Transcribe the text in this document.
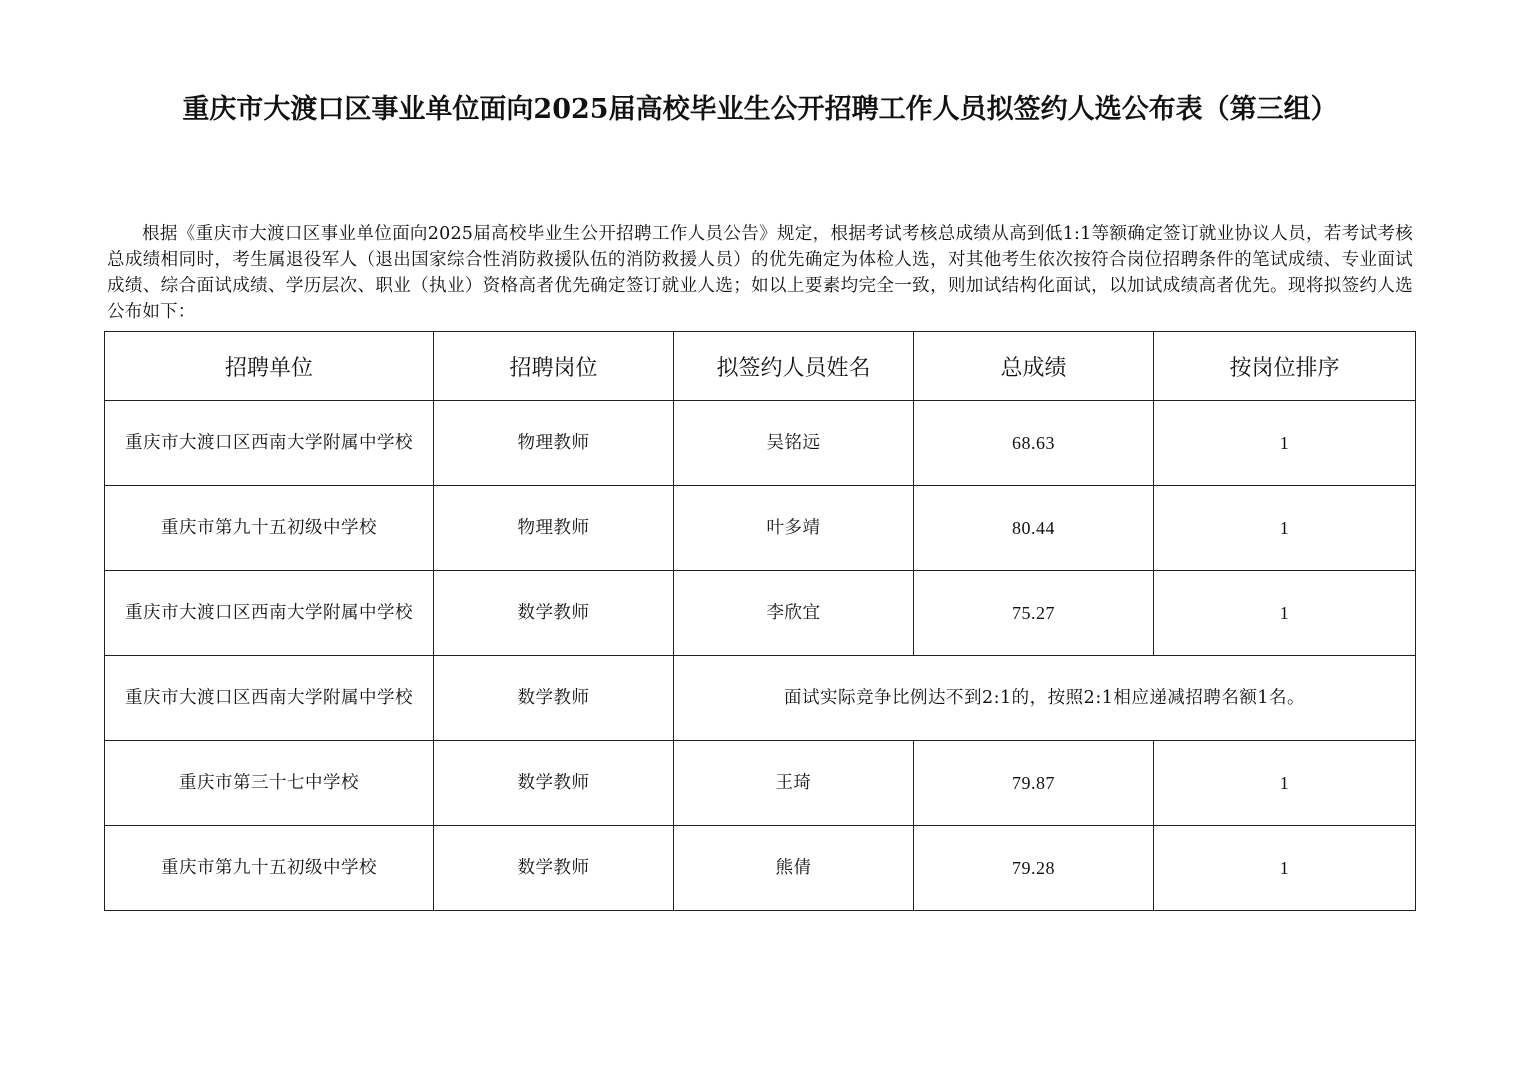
重庆市大渡口区事业单位面向2025届高校毕业生公开招聘工作人员拟签约人选公布表（第三组）

根据《重庆市大渡口区事业单位面向2025届高校毕业生公开招聘工作人员公告》规定，根据考试考核总成绩从高到低1:1等额确定签订就业协议人员，若考试考核总成绩相同时，考生属退役军人（退出国家综合性消防救援队伍的消防救援人员）的优先确定为体检人选，对其他考生依次按符合岗位招聘条件的笔试成绩、专业面试成绩、综合面试成绩、学历层次、职业（执业）资格高者优先确定签订就业人选；如以上要素均完全一致，则加试结构化面试，以加试成绩高者优先。现将拟签约人选公布如下：

招聘单位	招聘岗位	拟签约人员姓名	总成绩	按岗位排序
重庆市大渡口区西南大学附属中学校	物理教师	吴铭远	68.63	1
重庆市第九十五初级中学校	物理教师	叶多靖	80.44	1
重庆市大渡口区西南大学附属中学校	数学教师	李欣宜	75.27	1
重庆市大渡口区西南大学附属中学校	数学教师	面试实际竞争比例达不到2:1的，按照2:1相应递减招聘名额1名。		
重庆市第三十七中学校	数学教师	王琦	79.87	1
重庆市第九十五初级中学校	数学教师	熊倩	79.28	1
